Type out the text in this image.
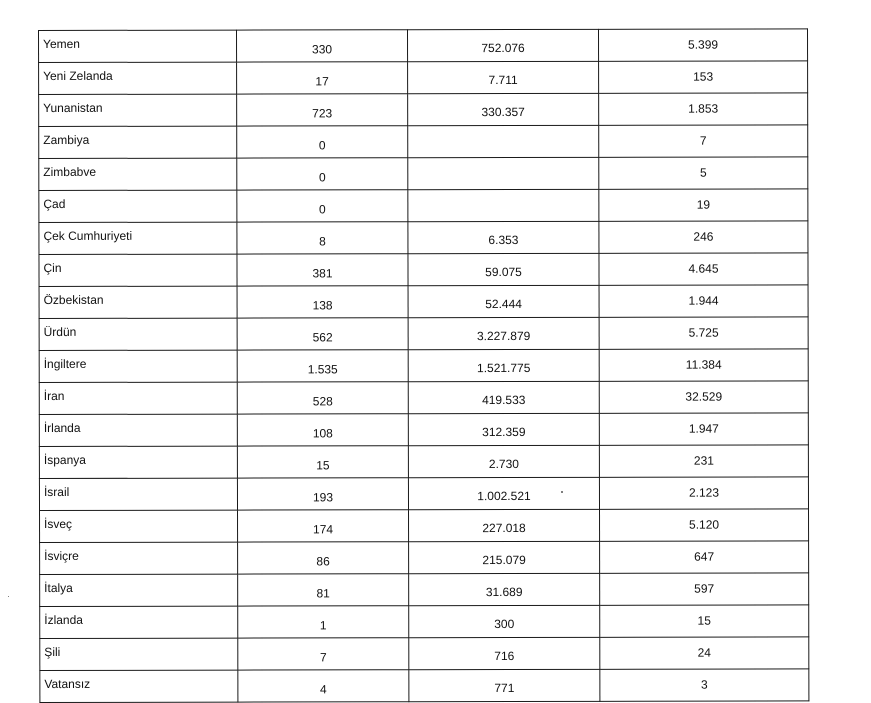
Yemen	330	752.076	5.399
Yeni Zelanda	17	7.711	153
Yunanistan	723	330.357	1.853
Zambiya	0		7
Zimbabve	0		5
Çad	0		19
Çek Cumhuriyeti	8	6.353	246
Çin	381	59.075	4.645
Özbekistan	138	52.444	1.944
Ürdün	562	3.227.879	5.725
İngiltere	1.535	1.521.775	11.384
İran	528	419.533	32.529
İrlanda	108	312.359	1.947
İspanya	15	2.730	231
İsrail	193	1.002.521	2.123
İsveç	174	227.018	5.120
İsviçre	86	215.079	647
İtalya	81	31.689	597
İzlanda	1	300	15
Şili	7	716	24
Vatansız	4	771	3
